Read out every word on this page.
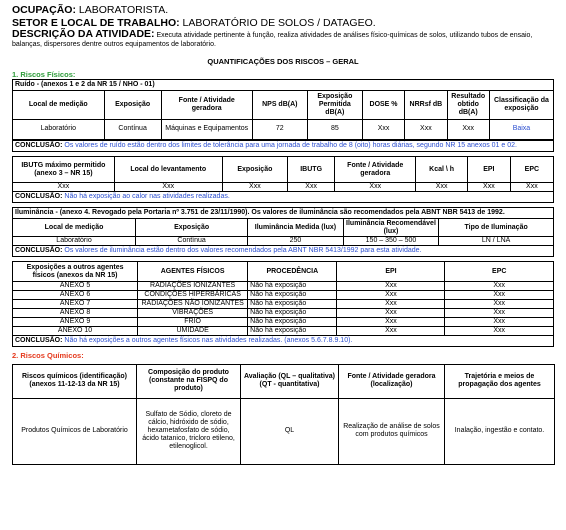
OCUPAÇÃO: LABORATORISTA.
SETOR E LOCAL DE TRABALHO: LABORATÓRIO DE SOLOS / DATAGEO.
DESCRIÇÃO DA ATIVIDADE: Executa atividade pertinente à função, realiza atividades de análises físico-químicas de solos, utilizando tubos de ensaio, balanças, dispersores dentre outros equipamentos de laboratório.
QUANTIFICAÇÕES DOS RISCOS – GERAL
1. Riscos Físicos:
Ruído - (anexos 1 e 2 da NR 15 / NHO - 01)
Local de medição	Exposição	Fonte / Atividade geradora	NPS dB(A)	Exposição Permitida dB(A)	DOSE %	NRRsf dB	Resultado obtido dB(A)	Classificação da exposição
Laboratório	Contínua	Máquinas e Equipamentos	72	85	Xxx	Xxx	Xxx	Baixa
CONCLUSÃO: Os valores de ruído estão dentro dos limites de tolerância para uma jornada de trabalho de 8 (oito) horas diárias, segundo NR 15 anexos 01 e 02.
IBUTG máximo permitido (anexo 3 – NR 15)	Local do levantamento	Exposição	IBUTG	Fonte / Atividade geradora	Kcal \ h	EPI	EPC
Xxx	Xxx	Xxx	Xxx	Xxx	Xxx	Xxx	Xxx
CONCLUSÃO: Não há exposição ao calor nas atividades realizadas.
Iluminância - (anexo 4. Revogado pela Portaria nº 3.751 de 23/11/1990). Os valores de iluminância são recomendados pela ABNT NBR 5413 de 1992.
Local de medição	Exposição	Iluminância Medida (lux)	Iluminância Recomendável (lux)	Tipo de Iluminação
Laboratório	Contínua	250	150 – 350 – 500	LN / LNA
CONCLUSÃO: Os valores de iluminância estão dentro dos valores recomendados pela ABNT NBR 5413/1992 para esta atividade.
Exposições a outros agentes físicos (anexos da NR 15)	AGENTES FÍSICOS	PROCEDÊNCIA	EPI	EPC
ANEXO 5	RADIAÇÕES IONIZANTES	Não há exposição	Xxx	Xxx
ANEXO 6	CONDIÇÕES HIPERBÁRICAS	Não há exposição	Xxx	Xxx
ANEXO 7	RADIAÇÕES NÃO IONIZANTES	Não há exposição	Xxx	Xxx
ANEXO 8	VIBRAÇÕES	Não há exposição	Xxx	Xxx
ANEXO 9	FRIO	Não há exposição	Xxx	Xxx
ANEXO 10	UMIDADE	Não há exposição	Xxx	Xxx
CONCLUSÃO: Não há exposições a outros agentes físicos nas atividades realizadas. (anexos 5.6.7.8.9.10).
2. Riscos Químicos:
Riscos químicos (identificação) (anexos 11-12-13 da NR 15)	Composição do produto (constante na FISPQ do produto)	Avaliação (QL – qualitativa) (QT - quantitativa)	Fonte / Atividade geradora (localização)	Trajetória e meios de propagação dos agentes
Produtos Químicos de Laboratório	Sulfato de Sódio, cloreto de cálcio, hidróxido de sódio, hexametafosfato de sódio, ácido tatanico, tricloro etileno, etilenoglicol.	QL	Realização de análise de solos com produtos químicos	Inalação, ingestão e contato.
